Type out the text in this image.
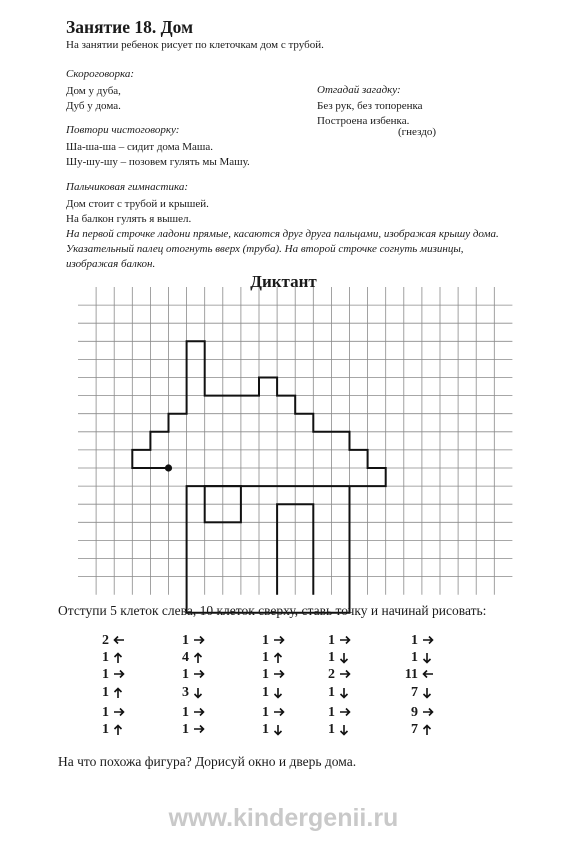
Занятие 18. Дом
На занятии ребенок рисует по клеточкам дом с трубой.
Скороговорка:
Дом у дуба,
Дуб у дома.
Отгадай загадку:
Без рук, без топоренка
Построена избенка.
(гнездо)
Повтори чистоговорку:
Ша-ша-ша – сидит дома Маша.
Шу-шу-шу – позовем гулять мы Машу.
Пальчиковая гимнастика:
Дом стоит с трубой и крышей.
На балкон гулять я вышел.
На первой строчке ладони прямые, касаются друг друга пальцами, изображая крышу дома. Указательный палец отогнуть вверх (труба). На второй строчке согнуть мизинцы, изображая балкон.
Диктант
Отступи 5 клеток слева, 10 клеток сверху, ставь точку и начинай рисовать:
2
1
1
1
1
1
1
4
1
3
1
1
1
1
1
1
1
1
1
1
2
1
1
1
1
1
11
7
9
7
На что похожа фигура? Дорисуй окно и дверь дома.
www.kindergenii.ru
